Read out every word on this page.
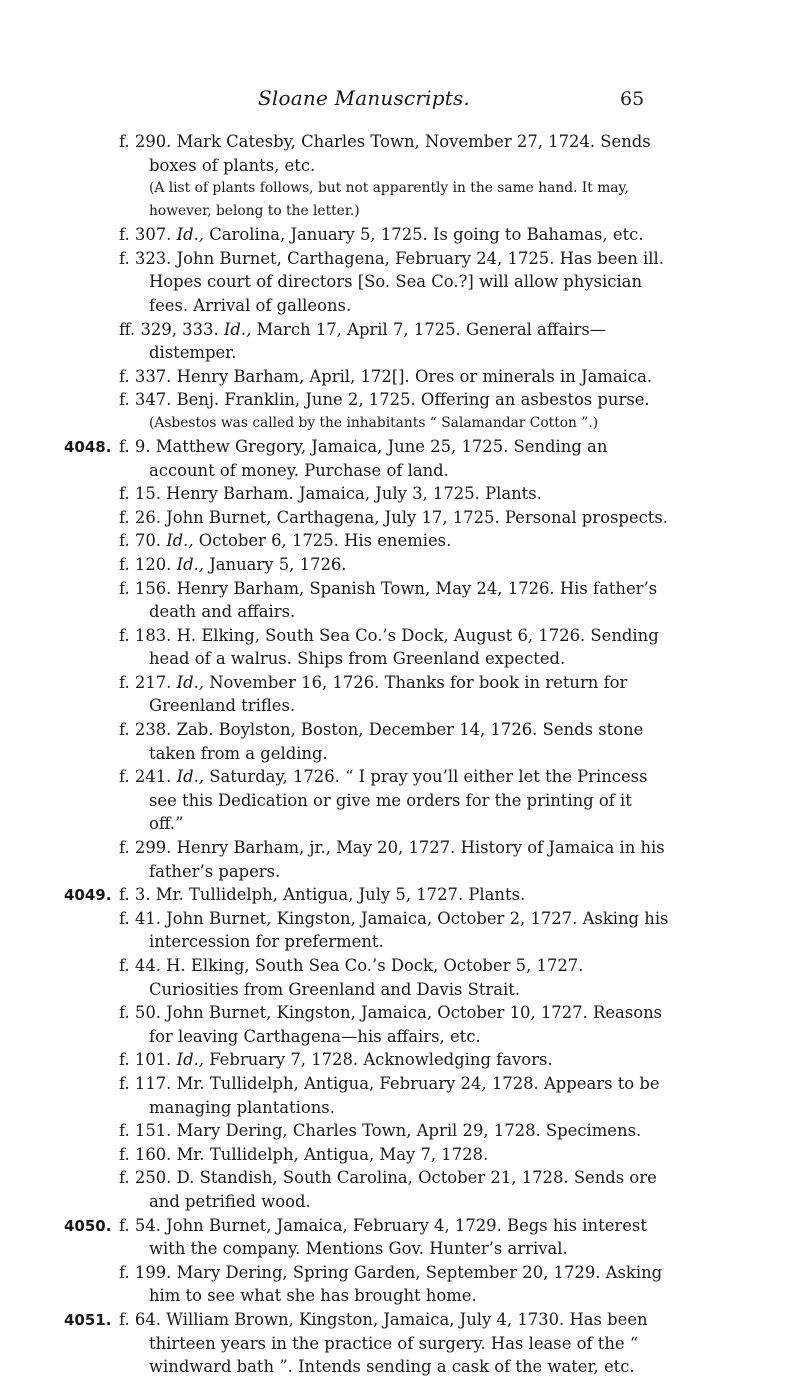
Sloane Manuscripts.	65
f. 290. Mark Catesby, Charles Town, November 27, 1724. Sends boxes of plants, etc.
(A list of plants follows, but not apparently in the same hand. It may, however, belong to the letter.)
f. 307. Id., Carolina, January 5, 1725. Is going to Bahamas, etc.
f. 323. John Burnet, Carthagena, February 24, 1725. Has been ill. Hopes court of directors [So. Sea Co.?] will allow physician fees. Arrival of galleons.
ff. 329, 333. Id., March 17, April 7, 1725. General affairs—distemper.
f. 337. Henry Barham, April, 172[]. Ores or minerals in Jamaica.
f. 347. Benj. Franklin, June 2, 1725. Offering an asbestos purse.
(Asbestos was called by the inhabitants “ Salamandar Cotton ”.)
4048. f. 9. Matthew Gregory, Jamaica, June 25, 1725. Sending an account of money. Purchase of land.
f. 15. Henry Barham. Jamaica, July 3, 1725. Plants.
f. 26. John Burnet, Carthagena, July 17, 1725. Personal prospects.
f. 70. Id., October 6, 1725. His enemies.
f. 120. Id., January 5, 1726.
f. 156. Henry Barham, Spanish Town, May 24, 1726. His father’s death and affairs.
f. 183. H. Elking, South Sea Co.’s Dock, August 6, 1726. Sending head of a walrus. Ships from Greenland expected.
f. 217. Id., November 16, 1726. Thanks for book in return for Greenland trifles.
f. 238. Zab. Boylston, Boston, December 14, 1726. Sends stone taken from a gelding.
f. 241. Id., Saturday, 1726. “ I pray you’ll either let the Princess see this Dedication or give me orders for the printing of it off.”
f. 299. Henry Barham, jr., May 20, 1727. History of Jamaica in his father’s papers.
4049. f. 3. Mr. Tullidelph, Antigua, July 5, 1727. Plants.
f. 41. John Burnet, Kingston, Jamaica, October 2, 1727. Asking his intercession for preferment.
f. 44. H. Elking, South Sea Co.’s Dock, October 5, 1727. Curiosities from Greenland and Davis Strait.
f. 50. John Burnet, Kingston, Jamaica, October 10, 1727. Reasons for leaving Carthagena—his affairs, etc.
f. 101. Id., February 7, 1728. Acknowledging favors.
f. 117. Mr. Tullidelph, Antigua, February 24, 1728. Appears to be managing plantations.
f. 151. Mary Dering, Charles Town, April 29, 1728. Specimens.
f. 160. Mr. Tullidelph, Antigua, May 7, 1728.
f. 250. D. Standish, South Carolina, October 21, 1728. Sends ore and petrified wood.
4050. f. 54. John Burnet, Jamaica, February 4, 1729. Begs his interest with the company. Mentions Gov. Hunter’s arrival.
f. 199. Mary Dering, Spring Garden, September 20, 1729. Asking him to see what she has brought home.
4051. f. 64. William Brown, Kingston, Jamaica, July 4, 1730. Has been thirteen years in the practice of surgery. Has lease of the “ windward bath ”. Intends sending a cask of the water, etc.
